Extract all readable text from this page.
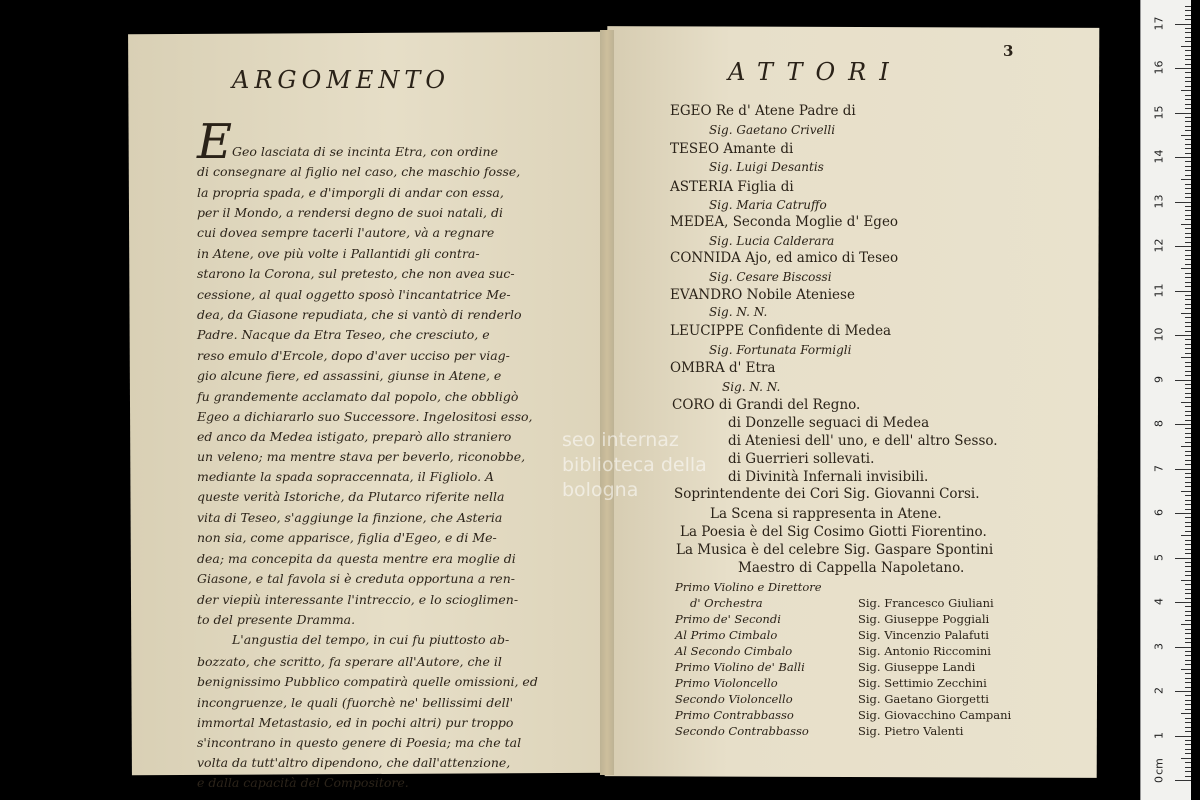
ARGOMENTO
E Geo lasciata di se incinta Etra, con ordine
di consegnare al figlio nel caso, che maschio fosse,
la propria spada, e d'imporgli di andar con essa,
per il Mondo, a rendersi degno de suoi natali, di
cui dovea sempre tacerli l'autore, và a regnare
in Atene, ove più volte i Pallantidi gli contra-
starono la Corona, sul pretesto, che non avea suc-
cessione, al qual oggetto sposò l'incantatrice Me-
dea, da Giasone repudiata, che si vantò di renderlo
Padre. Nacque da Etra Teseo, che cresciuto, e
reso emulo d'Ercole, dopo d'aver ucciso per viag-
gio alcune fiere, ed assassini, giunse in Atene, e
fu grandemente acclamato dal popolo, che obbligò
Egeo a dichiararlo suo Successore. Ingelositosi esso,
ed anco da Medea istigato, preparò allo straniero
un veleno; ma mentre stava per beverlo, riconobbe,
mediante la spada sopraccennata, il Figliolo. A
queste verità Istoriche, da Plutarco riferite nella
vita di Teseo, s'aggiunge la finzione, che Asteria
non sia, come apparisce, figlia d'Egeo, e di Me-
dea; ma concepita da questa mentre era moglie di
Giasone, e tal favola si è creduta opportuna a ren-
der viepiù interessante l'intreccio, e lo scioglimen-
to del presente Dramma.
L'angustia del tempo, in cui fu piuttosto ab-
bozzato, che scritto, fa sperare all'Autore, che il
benignissimo Pubblico compatirà quelle omissioni, ed
incongruenze, le quali (fuorchè ne' bellissimi dell'
immortal Metastasio, ed in pochi altri) pur troppo
s'incontrano in questo genere di Poesia; ma che tal
volta da tutt'altro dipendono, che dall'attenzione,
e dalla capacità del Compositore.
ATTORI
3
EGEO Re d' Atene Padre di
Sig. Gaetano Crivelli
TESEO Amante di
Sig. Luigi Desantis
ASTERIA Figlia di
Sig. Maria Catruffo
MEDEA, Seconda Moglie d' Egeo
Sig. Lucia Calderara
CONNIDA Ajo, ed amico di Teseo
Sig. Cesare Biscossi
EVANDRO Nobile Ateniese
Sig. N. N.
LEUCIPPE Confidente di Medea
Sig. Fortunata Formigli
OMBRA d' Etra
Sig. N. N.
CORO di Grandi del Regno.
di Donzelle seguaci di Medea
di Ateniesi dell' uno, e dell' altro Sesso.
di Guerrieri sollevati.
di Divinità Infernali invisibili.
Soprintendente dei Cori Sig. Giovanni Corsi.
La Scena si rappresenta in Atene.
La Poesia è del Sig Cosimo Giotti Fiorentino.
La Musica è del celebre Sig. Gaspare Spontini
Maestro di Cappella Napoletano.
Primo Violino e Direttore
d' Orchestra	Sig. Francesco Giuliani
Primo de' Secondi	Sig. Giuseppe Poggiali
Al Primo Cimbalo	Sig. Vincenzio Palafuti
Al Secondo Cimbalo	Sig. Antonio Riccomini
Primo Violino de' Balli	Sig. Giuseppe Landi
Primo Violoncello	Sig. Settimio Zecchini
Secondo Violoncello	Sig. Gaetano Giorgetti
Primo Contrabbasso	Sig. Giovacchino Campani
Secondo Contrabbasso	Sig. Pietro Valenti
seo internaz
biblioteca della
bologna
0
1
2
3
4
5
6
7
8
9
10
11
12
13
14
15
16
17
cm
